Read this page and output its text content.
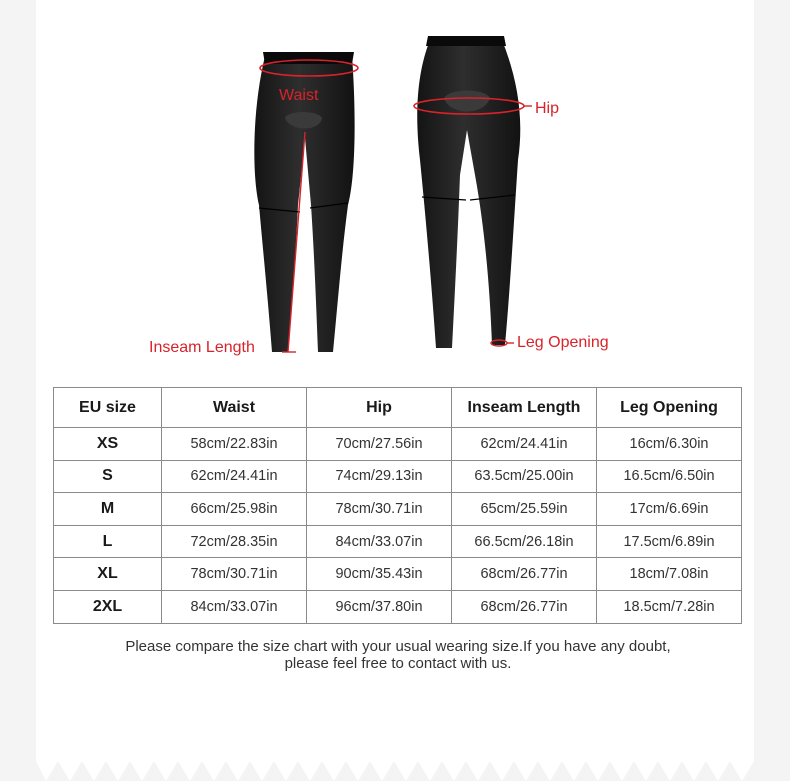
Waist
Hip
Inseam Length	Leg Opening
EU size	Waist	Hip	Inseam Length	Leg Opening
XS	58cm/22.83in	70cm/27.56in	62cm/24.41in	16cm/6.30in
S	62cm/24.41in	74cm/29.13in	63.5cm/25.00in	16.5cm/6.50in
M	66cm/25.98in	78cm/30.71in	65cm/25.59in	17cm/6.69in
L	72cm/28.35in	84cm/33.07in	66.5cm/26.18in	17.5cm/6.89in
XL	78cm/30.71in	90cm/35.43in	68cm/26.77in	18cm/7.08in
2XL	84cm/33.07in	96cm/37.80in	68cm/26.77in	18.5cm/7.28in
Please compare the size chart with your usual wearing size.If you have any doubt,
please feel free to contact with us.
